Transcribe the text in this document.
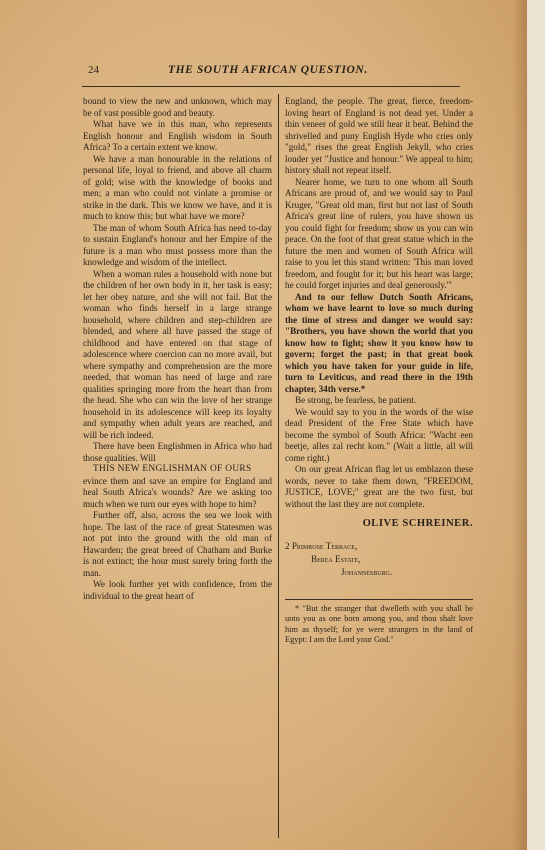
24	THE SOUTH AFRICAN QUESTION.

bound to view the new and unknown, which may be of vast possible good and beauty.

What have we in this man, who represents English honour and English wisdom in South Africa? To a certain extent we know.

We have a man honourable in the relations of personal life, loyal to friend, and above all charm of gold; wise with the knowledge of books and men; a man who could not violate a promise or strike in the dark. This we know we have, and it is much to know this; but what have we more?

The man of whom South Africa has need to-day to sustain England's honour and her Empire of the future is a man who must possess more than the knowledge and wisdom of the intellect.

When a woman rules a household with none but the children of her own body in it, her task is easy; let her obey nature, and she will not fail. But the woman who finds herself in a large strange household, where children and step-children are blended, and where all have passed the stage of childhood and have entered on that stage of adolescence where coercion can no more avail, but where sympathy and comprehension are the more needed, that woman has need of large and rare qualities springing more from the heart than from the head. She who can win the love of her strange household in its adolescence will keep its loyalty and sympathy when adult years are reached, and will be rich indeed.

There have been Englishmen in Africa who had those qualities. Will

THIS NEW ENGLISHMAN OF OURS

evince them and save an empire for England and heal South Africa's wounds? Are we asking too much when we turn our eyes with hope to him?

Further off, also, across the sea we look with hope. The last of the race of great Statesmen was not put into the ground with the old man of Hawarden; the great breed of Chatham and Burke is not extinct; the hour must surely bring forth the man.

We look further yet with confidence, from the individual to the great heart of

England, the people. The great, fierce, freedom-loving heart of England is not dead yet. Under a thin veneer of gold we still hear it beat. Behind the shrivelled and puny English Hyde who cries only "gold," rises the great English Jekyll, who cries louder yet "Justice and honour." We appeal to him; history shall not repeat itself.

Nearer home, we turn to one whom all South Africans are proud of, and we would say to Paul Kruger, "Great old man, first but not last of South Africa's great line of rulers, you have shown us you could fight for freedom; show us you can win peace. On the foot of that great statue which in the future the men and women of South Africa will raise to you let this stand written: 'This man loved freedom, and fought for it; but his heart was large; he could forget injuries and deal generously.'"

And to our fellow Dutch South Africans, whom we have learnt to love so much during the time of stress and danger we would say: "Brothers, you have shown the world that you know how to fight; show it you know how to govern; forget the past; in that great book which you have taken for your guide in life, turn to Leviticus, and read there in the 19th chapter, 34th verse.*

Be strong, be fearless, be patient.

We would say to you in the words of the wise dead President of the Free State which have become the symbol of South Africa: "Wacht een beetje, alles zal recht kom." (Wait a little, all will come right.)

On our great African flag let us emblazon these words, never to take them down, "FREEDOM, JUSTICE, LOVE;" great are the two first, but without the last they are not complete.

OLIVE SCHREINER.

2 Primrose Terrace,

Berea Estate,

Johannesburg.

* "But the stranger that dwelleth with you shall be unto you as one born among you, and thou shalt love him as thyself; for ye were strangers in the land of Egypt: I am the Lord your God."
